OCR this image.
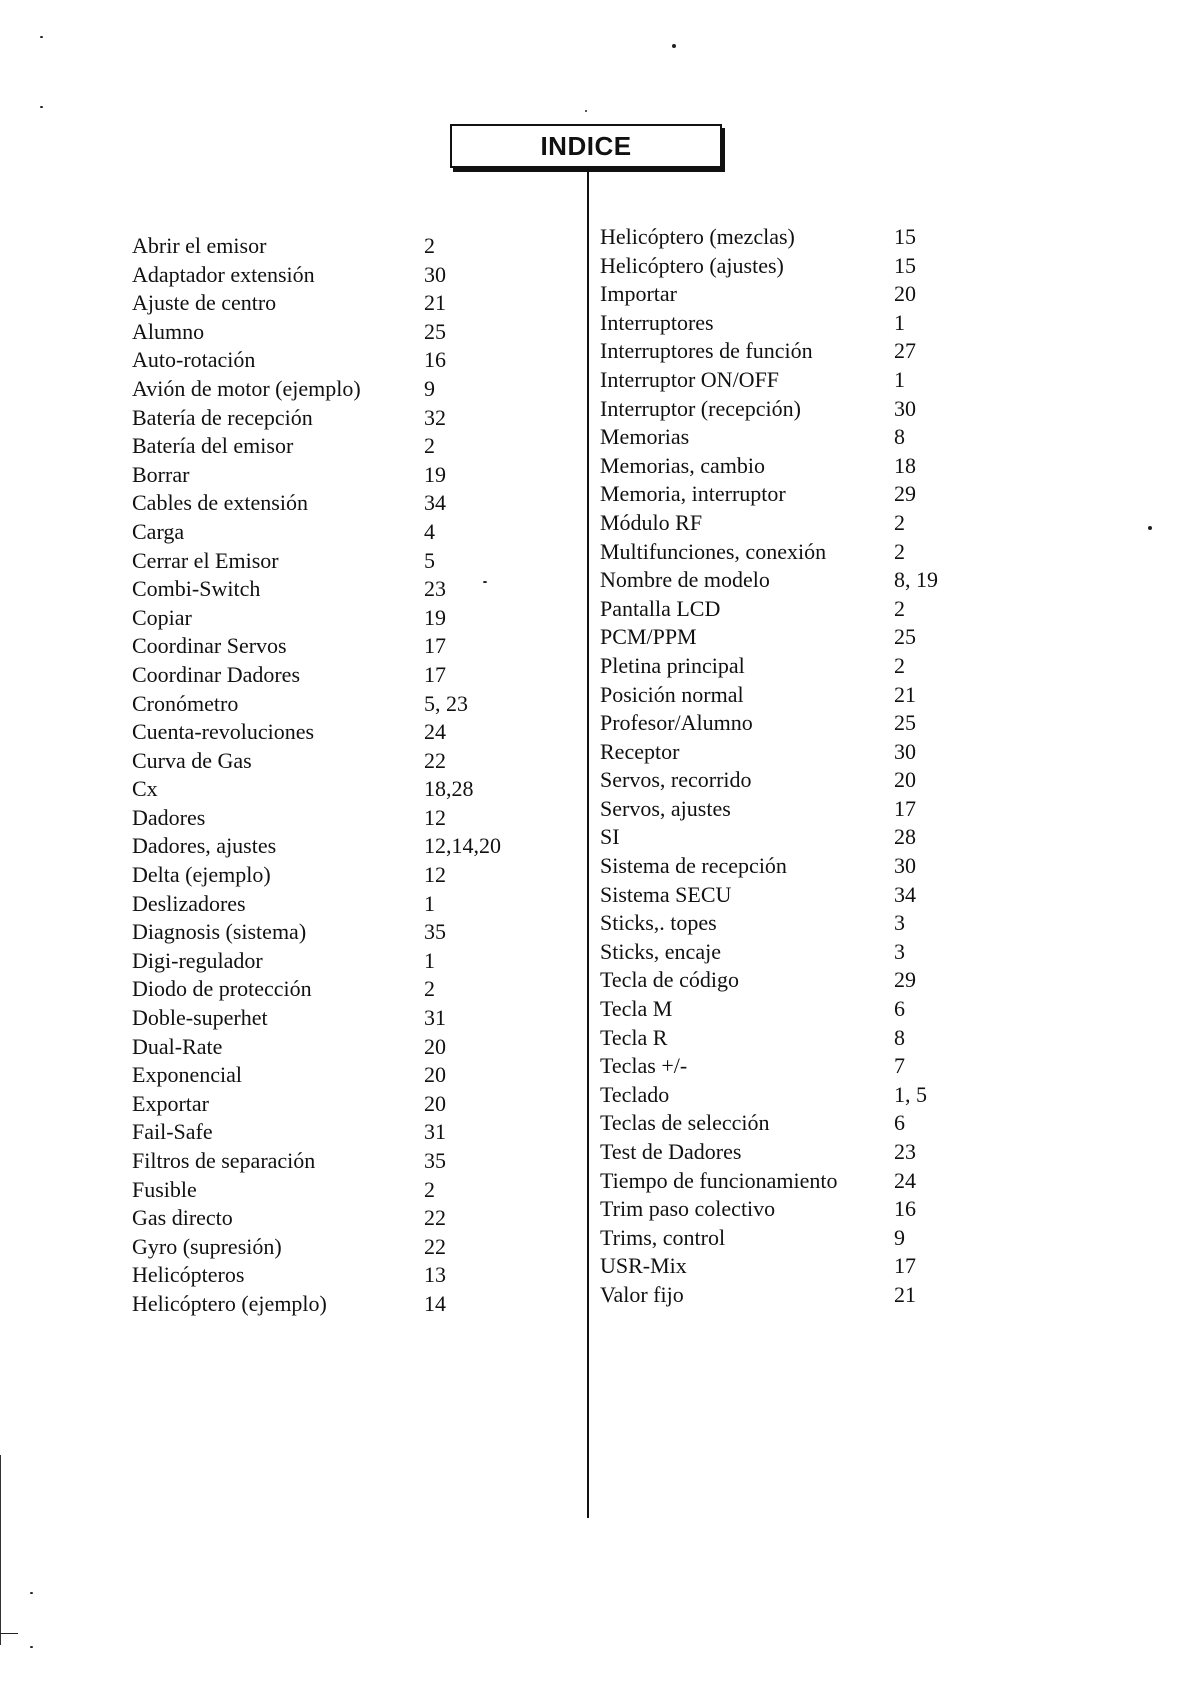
INDICE
Abrir el emisor	2
Adaptador extensión	30
Ajuste de centro	21
Alumno	25
Auto-rotación	16
Avión de motor (ejemplo)	9
Batería de recepción	32
Batería del emisor	2
Borrar	19
Cables de extensión	34
Carga	4
Cerrar el Emisor	5
Combi-Switch	23
Copiar	19
Coordinar Servos	17
Coordinar Dadores	17
Cronómetro	5, 23
Cuenta-revoluciones	24
Curva de Gas	22
Cx	18,28
Dadores	12
Dadores, ajustes	12,14,20
Delta (ejemplo)	12
Deslizadores	1
Diagnosis (sistema)	35
Digi-regulador	1
Diodo de protección	2
Doble-superhet	31
Dual-Rate	20
Exponencial	20
Exportar	20
Fail-Safe	31
Filtros de separación	35
Fusible	2
Gas directo	22
Gyro (supresión)	22
Helicópteros	13
Helicóptero (ejemplo)	14
Helicóptero (mezclas)	15
Helicóptero (ajustes)	15
Importar	20
Interruptores	1
Interruptores de función	27
Interruptor ON/OFF	1
Interruptor (recepción)	30
Memorias	8
Memorias, cambio	18
Memoria, interruptor	29
Módulo RF	2
Multifunciones, conexión	2
Nombre de modelo	8, 19
Pantalla LCD	2
PCM/PPM	25
Pletina principal	2
Posición normal	21
Profesor/Alumno	25
Receptor	30
Servos, recorrido	20
Servos, ajustes	17
SI	28
Sistema de recepción	30
Sistema SECU	34
Sticks,. topes	3
Sticks, encaje	3
Tecla de código	29
Tecla M	6
Tecla R	8
Teclas +/-	7
Teclado	1, 5
Teclas de selección	6
Test de Dadores	23
Tiempo de funcionamiento	24
Trim paso colectivo	16
Trims, control	9
USR-Mix	17
Valor fijo	21
